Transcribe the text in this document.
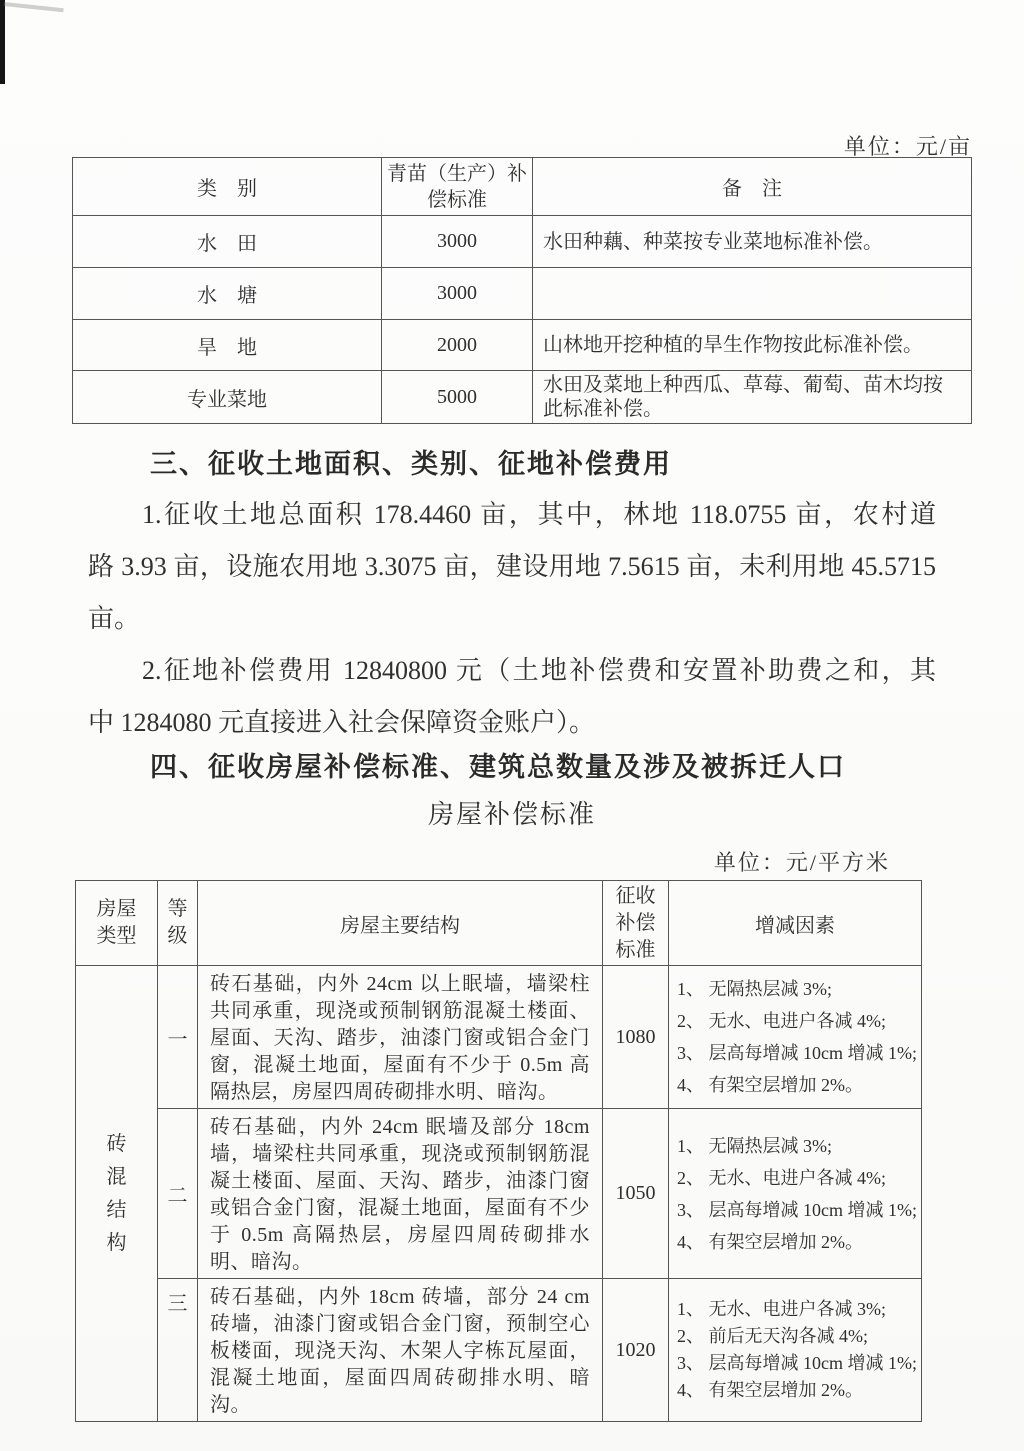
单位：元/亩
类　别	青苗（生产）补偿标准	备　注
水　田	3000	水田种藕、种菜按专业菜地标准补偿。
水　塘	3000	
旱　地	2000	山林地开挖种植的旱生作物按此标准补偿。
专业菜地	5000	水田及菜地上种西瓜、草莓、葡萄、苗木均按此标准补偿。
三、征收土地面积、类别、征地补偿费用
1.征收土地总面积 178.4460 亩，其中，林地 118.0755 亩，农村道
路 3.93 亩，设施农用地 3.3075 亩，建设用地 7.5615 亩，未利用地 45.5715
亩。
2.征地补偿费用 12840800 元（土地补偿费和安置补助费之和，其
中 1284080 元直接进入社会保障资金账户）。
四、征收房屋补偿标准、建筑总数量及涉及被拆迁人口
房屋补偿标准
单位：元/平方米
房屋类型	等级	房屋主要结构	征收补偿标准	增减因素

砖混结构	一	砖石基础，内外 24cm 以上眠墙，墙梁柱共同承重，现浇或预制钢筋混凝土楼面、屋面、天沟、踏步，油漆门窗或铝合金门窗，混凝土地面，屋面有不少于 0.5m 高隔热层，房屋四周砖砌排水明、暗沟。	1080	1、 无隔热层减 3%;
2、 无水、电进户各减 4%;
3、 层高每增减 10cm 增减 1%;
4、 有架空层增加 2%。

	二	砖石基础，内外 24cm 眠墙及部分 18cm 墙，墙梁柱共同承重，现浇或预制钢筋混凝土楼面、屋面、天沟、踏步，油漆门窗或铝合金门窗，混凝土地面，屋面有不少于 0.5m 高隔热层，房屋四周砖砌排水明、暗沟。	1050	1、 无隔热层减 3%;
2、 无水、电进户各减 4%;
3、 层高每增减 10cm 增减 1%;
4、 有架空层增加 2%。

	三	砖石基础，内外 18cm 砖墙，部分 24 cm 砖墙，油漆门窗或铝合金门窗，预制空心板楼面，现浇天沟、木架人字栋瓦屋面，混凝土地面，屋面四周砖砌排水明、暗沟。	1020	1、 无水、电进户各减 3%;
2、 前后无天沟各减 4%;
3、 层高每增减 10cm 增减 1%;
4、 有架空层增加 2%。
